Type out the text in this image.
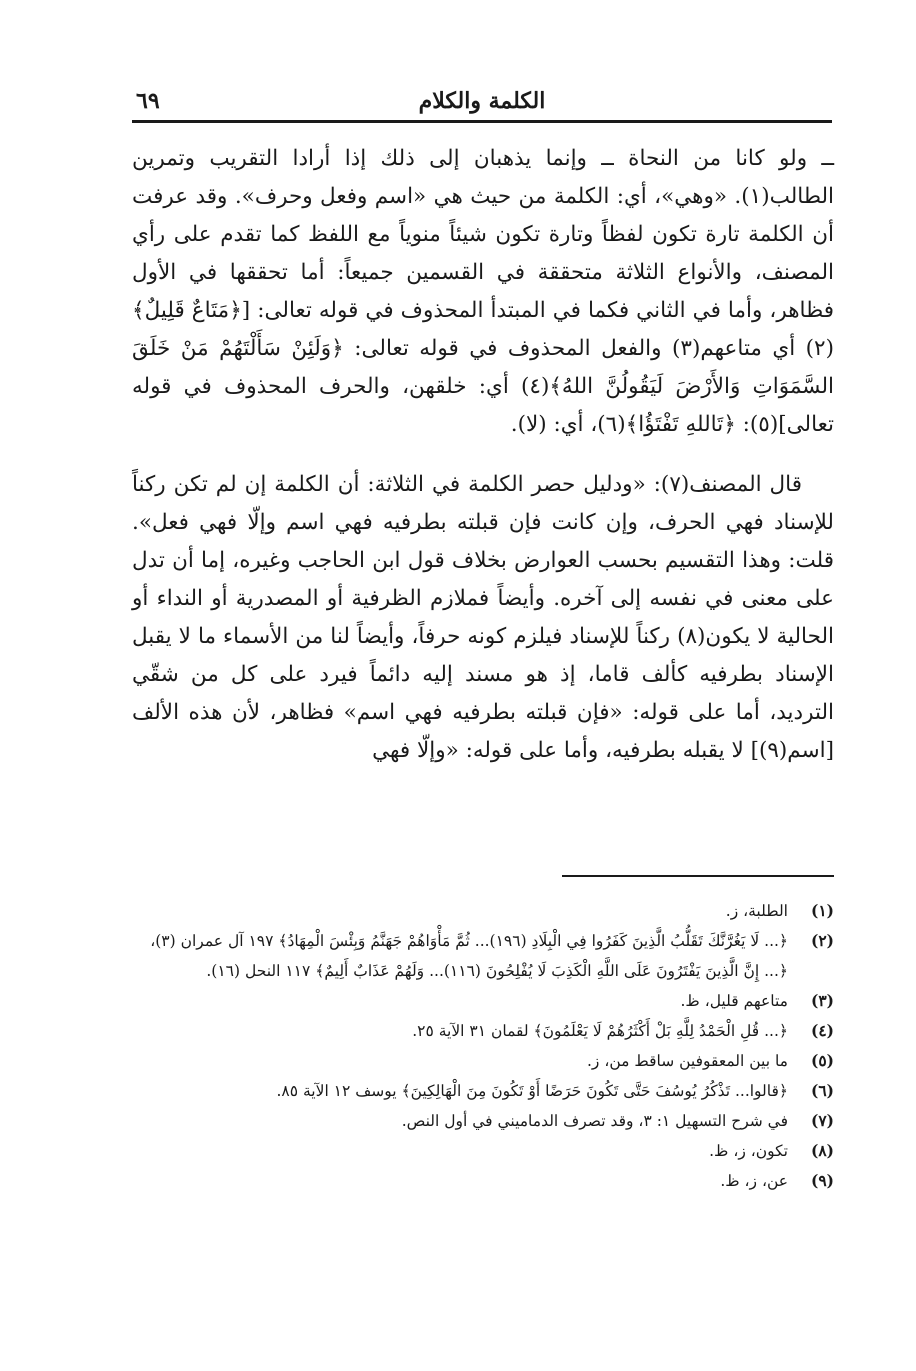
الكلمة والكلام
٦٩

ــ ولو كانا من النحاة ــ وإنما يذهبان إلى ذلك إذا أرادا التقريب وتمرين الطالب(١). «وهي»، أي: الكلمة من حيث هي «اسم وفعل وحرف». وقد عرفت أن الكلمة تارة تكون لفظاً وتارة تكون شيئاً منوياً مع اللفظ كما تقدم على رأي المصنف، والأنواع الثلاثة متحققة في القسمين جميعاً: أما تحققها في الأول فظاهر، وأما في الثاني فكما في المبتدأ المحذوف في قوله تعالى: [﴿مَتَاعٌ قَلِيلٌ﴾(٢) أي متاعهم(٣) والفعل المحذوف في قوله تعالى: ﴿وَلَئِنْ سَأَلْتَهُمْ مَنْ خَلَقَ السَّمَوَاتِ وَالأَرْضَ لَيَقُولُنَّ اللهُ﴾(٤) أي: خلقهن، والحرف المحذوف في قوله تعالى](٥): ﴿تَاللهِ تَفْتَؤُا﴾(٦)، أي: (لا).

قال المصنف(٧): «ودليل حصر الكلمة في الثلاثة: أن الكلمة إن لم تكن ركناً للإسناد فهي الحرف، وإن كانت فإن قبلته بطرفيه فهي اسم وإلّا فهي فعل». قلت: وهذا التقسيم بحسب العوارض بخلاف قول ابن الحاجب وغيره، إما أن تدل على معنى في نفسه إلى آخره. وأيضاً فملازم الظرفية أو المصدرية أو النداء أو الحالية لا يكون(٨) ركناً للإسناد فيلزم كونه حرفاً، وأيضاً لنا من الأسماء ما لا يقبل الإسناد بطرفيه كألف قاما، إذ هو مسند إليه دائماً فيرد على كل من شقّي الترديد، أما على قوله: «فإن قبلته بطرفيه فهي اسم» فظاهر، لأن هذه الألف [اسم(٩)] لا يقبله بطرفيه، وأما على قوله: «وإلّا فهي

(١)
الطلبة، ز.
(٢)
﴿... لَا يَغُرَّنَّكَ تَقَلُّبُ الَّذِينَ كَفَرُوا فِي الْبِلَادِ (١٩٦)... ثُمَّ مَأْوَاهُمْ جَهَنَّمُ وَبِئْسَ الْمِهَادُ﴾ ١٩٧ آل عمران (٣)، ﴿... إِنَّ الَّذِينَ يَفْتَرُونَ عَلَى اللَّهِ الْكَذِبَ لَا يُفْلِحُونَ (١١٦)... وَلَهُمْ عَذَابٌ أَلِيمٌ﴾ ١١٧ النحل (١٦).
(٣)
متاعهم قليل، ظ.
(٤)
﴿... قُلِ الْحَمْدُ لِلَّهِ بَلْ أَكْثَرُهُمْ لَا يَعْلَمُونَ﴾ لقمان ٣١ الآية ٢٥.
(٥)
ما بين المعقوفين ساقط من، ز.
(٦)
﴿قالوا... تَذْكُرُ يُوسُفَ حَتَّى تَكُونَ حَرَضًا أَوْ تَكُونَ مِنَ الْهَالِكِينَ﴾ يوسف ١٢ الآية ٨٥.
(٧)
في شرح التسهيل ١: ٣، وقد تصرف الدماميني في أول النص.
(٨)
تكون، ز، ظ.
(٩)
عن، ز، ظ.
